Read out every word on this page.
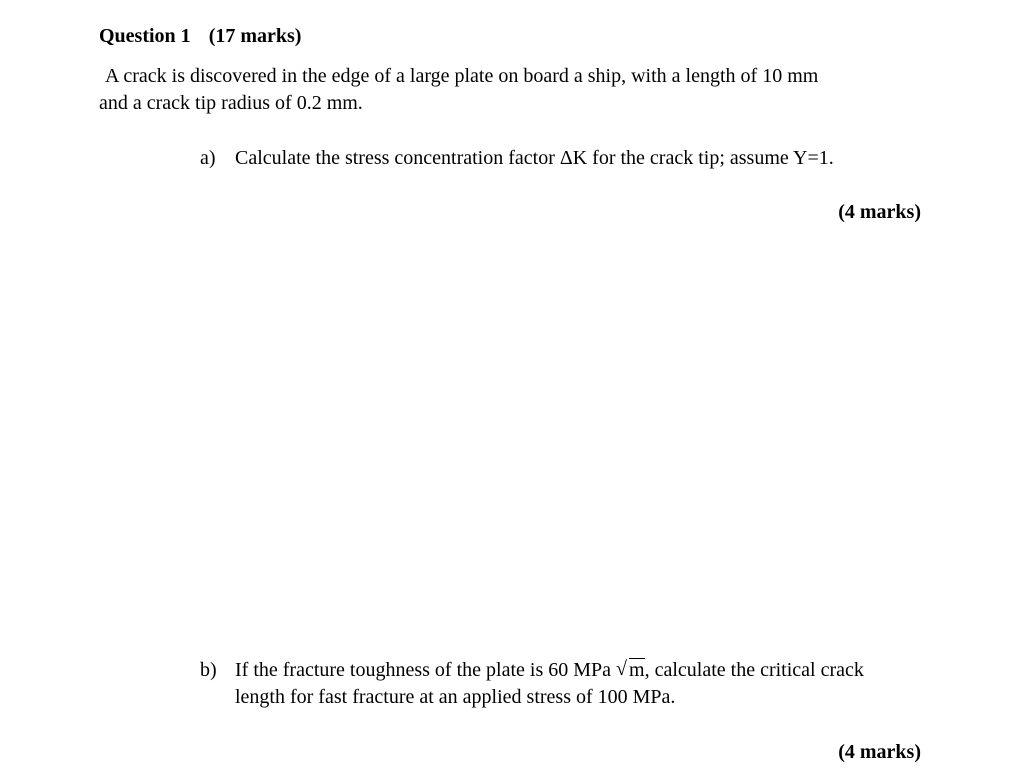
Question 1 (17 marks)
A crack is discovered in the edge of a large plate on board a ship, with a length of 10 mm
and a crack tip radius of 0.2 mm.
a) Calculate the stress concentration factor ΔK for the crack tip; assume Y=1.
(4 marks)
b) If the fracture toughness of the plate is 60 MPa √ m, calculate the critical crack
length for fast fracture at an applied stress of 100 MPa.
(4 marks)
